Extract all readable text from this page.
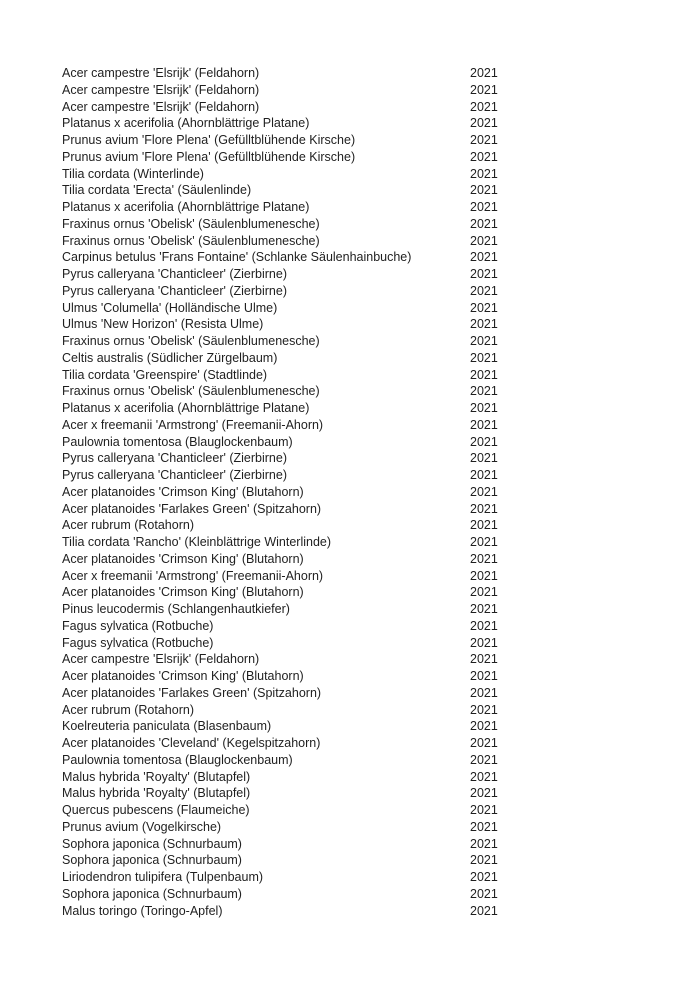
Acer campestre 'Elsrijk' (Feldahorn)	2021
Acer campestre 'Elsrijk' (Feldahorn)	2021
Acer campestre 'Elsrijk' (Feldahorn)	2021
Platanus x acerifolia (Ahornblättrige Platane)	2021
Prunus avium 'Flore Plena' (Gefülltblühende Kirsche)	2021
Prunus avium 'Flore Plena' (Gefülltblühende Kirsche)	2021
Tilia cordata (Winterlinde)	2021
Tilia cordata 'Erecta' (Säulenlinde)	2021
Platanus x acerifolia (Ahornblättrige Platane)	2021
Fraxinus ornus 'Obelisk' (Säulenblumenesche)	2021
Fraxinus ornus 'Obelisk' (Säulenblumenesche)	2021
Carpinus betulus 'Frans Fontaine' (Schlanke Säulenhainbuche)	2021
Pyrus calleryana 'Chanticleer' (Zierbirne)	2021
Pyrus calleryana 'Chanticleer' (Zierbirne)	2021
Ulmus 'Columella' (Holländische Ulme)	2021
Ulmus 'New Horizon' (Resista Ulme)	2021
Fraxinus ornus 'Obelisk' (Säulenblumenesche)	2021
Celtis australis (Südlicher Zürgelbaum)	2021
Tilia cordata 'Greenspire' (Stadtlinde)	2021
Fraxinus ornus 'Obelisk' (Säulenblumenesche)	2021
Platanus x acerifolia (Ahornblättrige Platane)	2021
Acer x freemanii 'Armstrong' (Freemanii-Ahorn)	2021
Paulownia tomentosa (Blauglockenbaum)	2021
Pyrus calleryana 'Chanticleer' (Zierbirne)	2021
Pyrus calleryana 'Chanticleer' (Zierbirne)	2021
Acer platanoides 'Crimson King' (Blutahorn)	2021
Acer platanoides 'Farlakes Green' (Spitzahorn)	2021
Acer rubrum (Rotahorn)	2021
Tilia cordata 'Rancho' (Kleinblättrige Winterlinde)	2021
Acer platanoides 'Crimson King' (Blutahorn)	2021
Acer x freemanii 'Armstrong' (Freemanii-Ahorn)	2021
Acer platanoides 'Crimson King' (Blutahorn)	2021
Pinus leucodermis (Schlangenhautkiefer)	2021
Fagus sylvatica (Rotbuche)	2021
Fagus sylvatica (Rotbuche)	2021
Acer campestre 'Elsrijk' (Feldahorn)	2021
Acer platanoides 'Crimson King' (Blutahorn)	2021
Acer platanoides 'Farlakes Green' (Spitzahorn)	2021
Acer rubrum (Rotahorn)	2021
Koelreuteria paniculata (Blasenbaum)	2021
Acer platanoides 'Cleveland' (Kegelspitzahorn)	2021
Paulownia tomentosa (Blauglockenbaum)	2021
Malus hybrida 'Royalty' (Blutapfel)	2021
Malus hybrida 'Royalty' (Blutapfel)	2021
Quercus pubescens (Flaumeiche)	2021
Prunus avium (Vogelkirsche)	2021
Sophora japonica (Schnurbaum)	2021
Sophora japonica (Schnurbaum)	2021
Liriodendron tulipifera (Tulpenbaum)	2021
Sophora japonica (Schnurbaum)	2021
Malus toringo (Toringo-Apfel)	2021
